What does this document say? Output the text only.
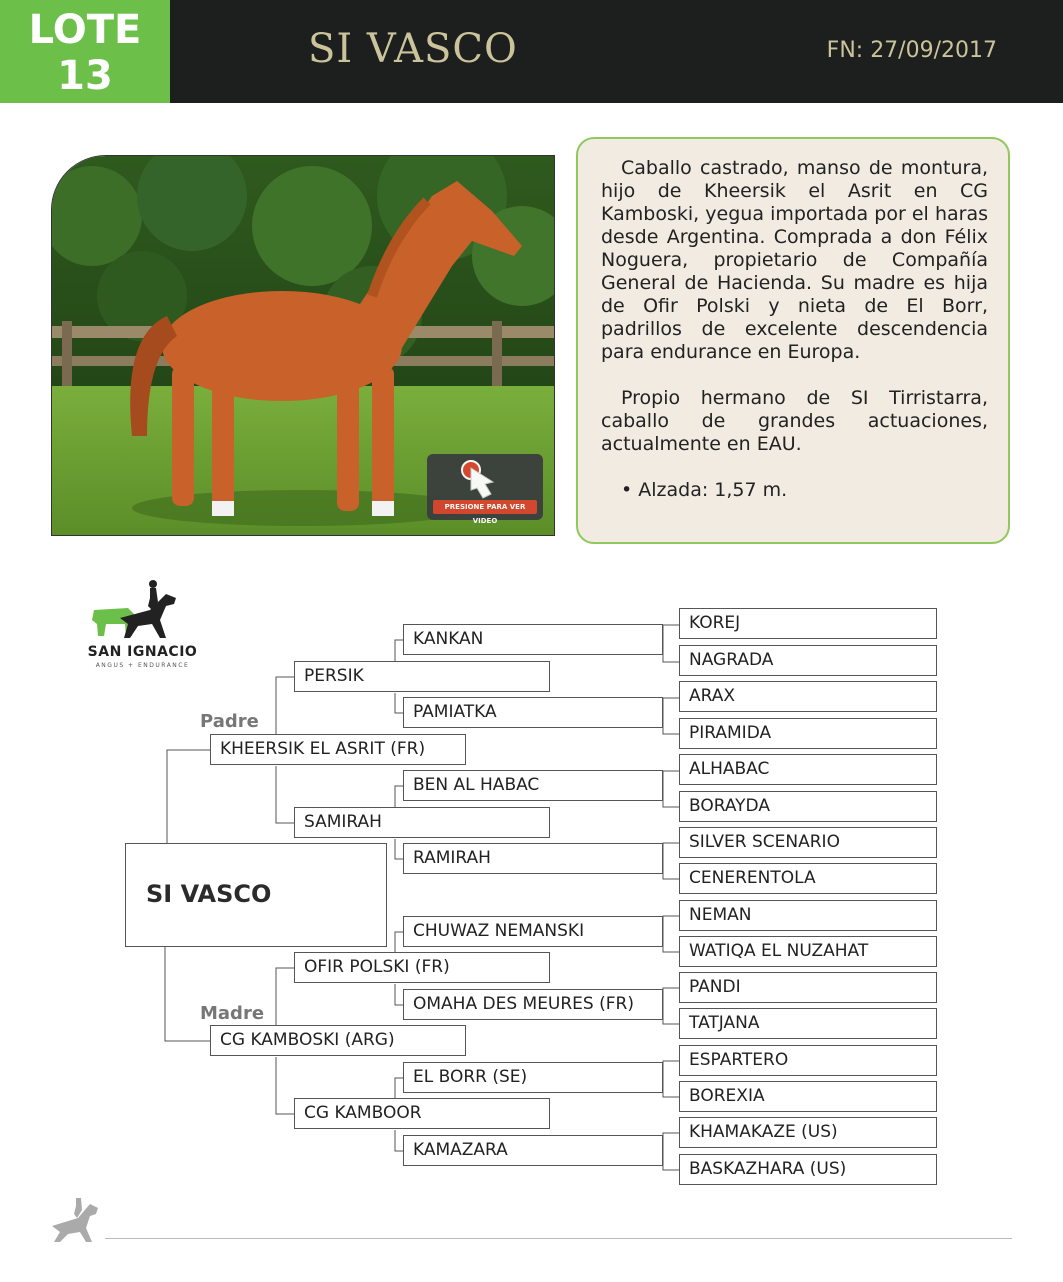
LOTE
13
SI VASCO	FN: 27/09/2017
PRESIONE PARA VER VIDEO

Caballo castrado, manso de montura, hijo de Kheersik el Asrit en CG Kamboski, yegua importada por el haras desde Argentina. Comprada a don Félix Noguera, propietario de Compañía General de Hacienda. Su madre es hija de Ofir Polski y nieta de El Borr, padrillos de excelente descendencia para endurance en Europa.

Propio hermano de SI Tirristarra, caballo de grandes actuaciones, actualmente en EAU.

• Alzada: 1,57 m.

SAN IGNACIO
ANGUS + ENDURANCE
SI VASCO
Padre
Madre
KHEERSIK EL ASRIT (FR)
CG KAMBOSKI (ARG)
PERSIK
SAMIRAH
OFIR POLSKI (FR)
CG KAMBOOR
KANKAN
PAMIATKA
BEN AL HABAC
RAMIRAH
CHUWAZ NEMANSKI
OMAHA DES MEURES (FR)
EL BORR (SE)
KAMAZARA
KOREJ
NAGRADA
ARAX
PIRAMIDA
ALHABAC
BORAYDA
SILVER SCENARIO
CENERENTOLA
NEMAN
WATIQA EL NUZAHAT
PANDI
TATJANA
ESPARTERO
BOREXIA
KHAMAKAZE (US)
BASKAZHARA (US)
